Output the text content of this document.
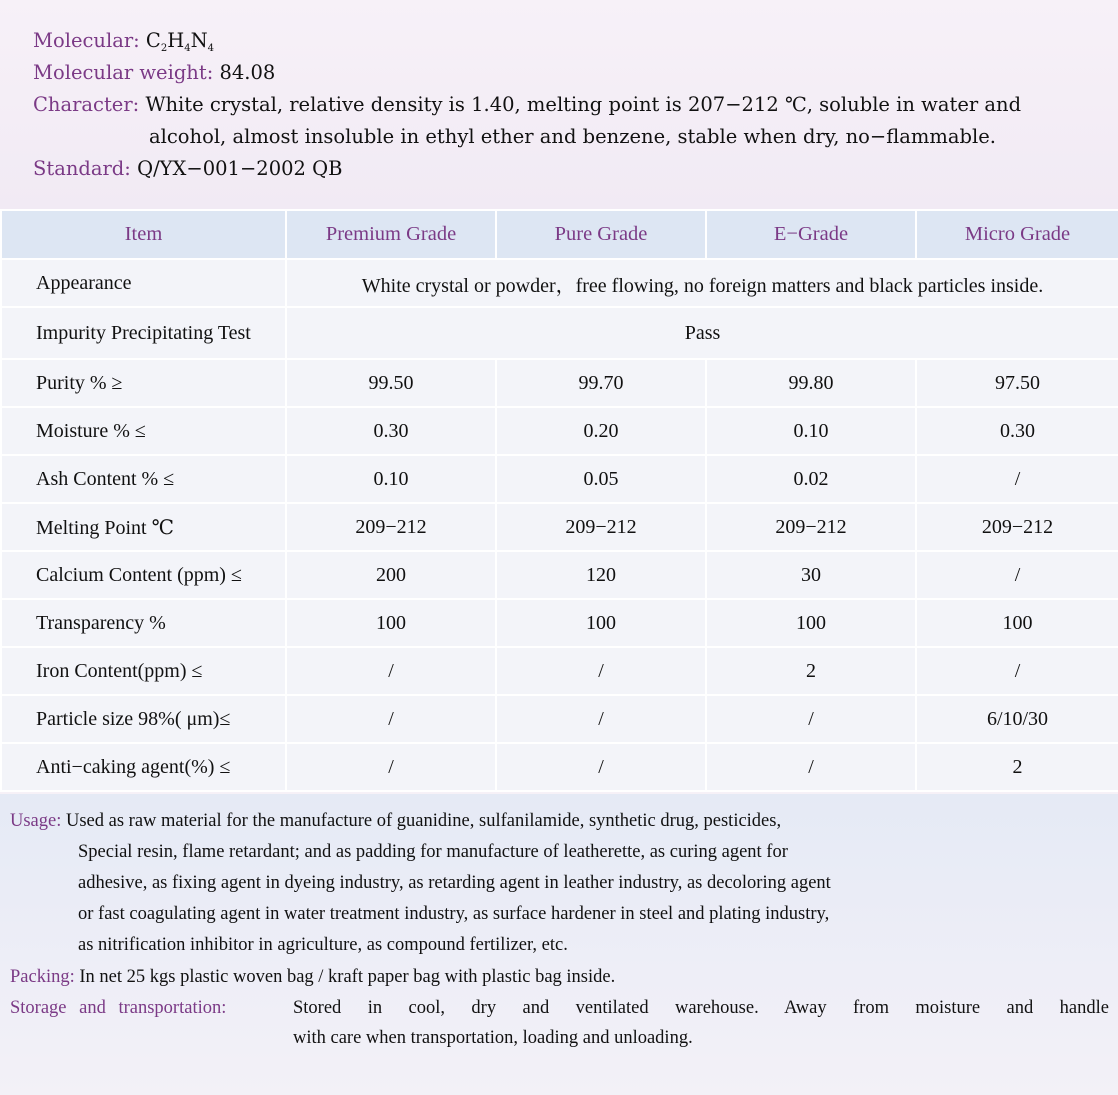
Molecular: $C_2H_4N_4$
Molecular weight: 84.08
Character: White crystal, relative density is 1.40, melting point is 207−212 ℃, soluble in water and
alcohol, almost insoluble in ethyl ether and benzene, stable when dry, no−flammable.
Standard: Q/YX−001−2002 QB
Item	Premium Grade	Pure Grade	E−Grade	Micro Grade
Appearance	White crystal or powder，free flowing, no foreign matters and black particles inside.			
Impurity Precipitating Test	Pass			
Purity % ≥	99.50	99.70	99.80	97.50
Moisture % ≤	0.30	0.20	0.10	0.30
Ash Content % ≤	0.10	0.05	0.02	/
Melting Point ℃	209−212	209−212	209−212	209−212
Calcium Content (ppm) ≤	200	120	30	/
Transparency %	100	100	100	100
Iron Content(ppm) ≤	/	/	2	/
Particle size 98%( μm)≤	/	/	/	6/10/30
Anti−caking agent(%) ≤	/	/	/	2
Usage: Used as raw material for the manufacture of guanidine, sulfanilamide, synthetic drug, pesticides,
Special resin, flame retardant; and as padding for manufacture of leatherette, as curing agent for
adhesive, as fixing agent in dyeing industry, as retarding agent in leather industry, as decoloring agent
or fast coagulating agent in water treatment industry, as surface hardener in steel and plating industry,
as nitrification inhibitor in agriculture, as compound fertilizer, etc.
Packing: In net 25 kgs plastic woven bag / kraft paper bag with plastic bag inside.
Storage and transportation:	Stored in cool, dry and ventilated warehouse. Away from moisture and handle
with care when transportation, loading and unloading.
